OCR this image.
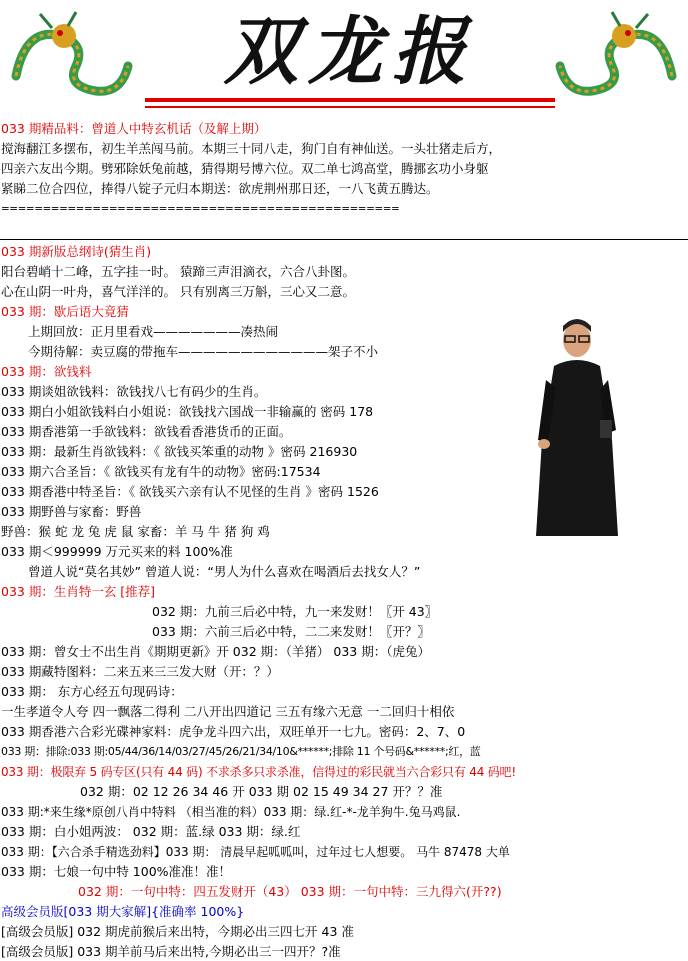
双龙报
033 期精品料：曾道人中特玄机话（及解上期）
搅海翻江多摆布，初生羊羔闯马前。本期三十同八走，狗门自有神仙送。一头壮猪走后方，
四亲六友出今期。劈邪除妖兔前越，猜得期号博六位。双二单七鸿高堂，腾挪玄功小身躯
紧睇二位合四位，捧得八锭子元归本期送：欲虎荆州那日还，一八飞黄五腾达。
================================================
033 期新版总纲诗(猜生肖)
阳台碧峭十二峰，五字挂一时。 猿蹄三声泪滴衣，六合八卦图。
心在山阴一叶舟，喜气洋洋的。 只有别离三万斛，三心又二意。
033 期：歇后语大竟猜
上期回放：正月里看戏———————凑热闹
今期待解：卖豆腐的带拖车————————————架子不小
033 期：欲钱料
033 期谈姐欲钱料：欲钱找八七有码少的生肖。
033 期白小姐欲钱料白小姐说：欲钱找六国战一非输赢的 密码 178
033 期香港第一手欲钱料：欲钱看香港货币的正面。
033 期：最新生肖欲钱料：《 欲钱买笨重的动物 》密码 216930
033 期六合圣旨：《 欲钱买有龙有牛的动物》密码:17534
033 期香港中特圣旨：《 欲钱买六亲有认不见怪的生肖 》密码 1526
033 期野兽与家畜：野兽
野兽：猴 蛇 龙 兔 虎 鼠 家畜：羊 马 牛 猪 狗 鸡
033 期＜999999 万元买来的料 100%准
曾道人说“莫名其妙” 曾道人说：“男人为什么喜欢在喝酒后去找女人？”
033 期：生肖特一玄 [推荐]
032 期：九前三后必中特，九一来发财！〖开 43〗
033 期：六前三后必中特，二二来发财！〖开？〗
033 期：曾女士不出生肖《期期更新》开 032 期：（羊猪） 033 期：（虎兔）
033 期藏特图料：二来五来三三发大财（开：？）
033 期： 东方心经五句现码诗：
一生孝道令人夸 四一飘落二得利 二八开出四道记 三五有缘六无意 一二回归十相依
033 期香港六合彩光碟神家料：虎争龙斗四六出，双旺单开一七九。密码：2、7、0
033 期：排除:033 期:05/44/36/14/03/27/45/26/21/34/10&******;排除 11 个号码&******;红，蓝
033 期：极限弃 5 码专区(只有 44 码) 不求杀多只求杀准，信得过的彩民就当六合彩只有 44 码吧!
032 期：02 12 26 34 46 开 033 期 02 15 49 34 27 开？？准
033 期:*来生缘*原创八肖中特料 （相当准的料）033 期：绿.红-*-龙羊狗牛.兔马鸡鼠.
033 期：白小姐两波： 032 期：蓝.绿 033 期：绿.红
033 期：【六合杀手精选劲料】033 期： 清晨早起呱呱叫，过年过七人想要。 马牛 87478 大单
033 期：七娘一句中特 100%准准！准！
032 期：一句中特：四五发财开（43） 033 期：一句中特：三九得六(开??)
高级会员版[033 期大家解]{准确率 100%}
[高级会员版] 032 期虎前猴后来出特，今期必出三四七开 43 准
[高级会员版] 033 期羊前马后来出特,今期必出三一四开？?准
